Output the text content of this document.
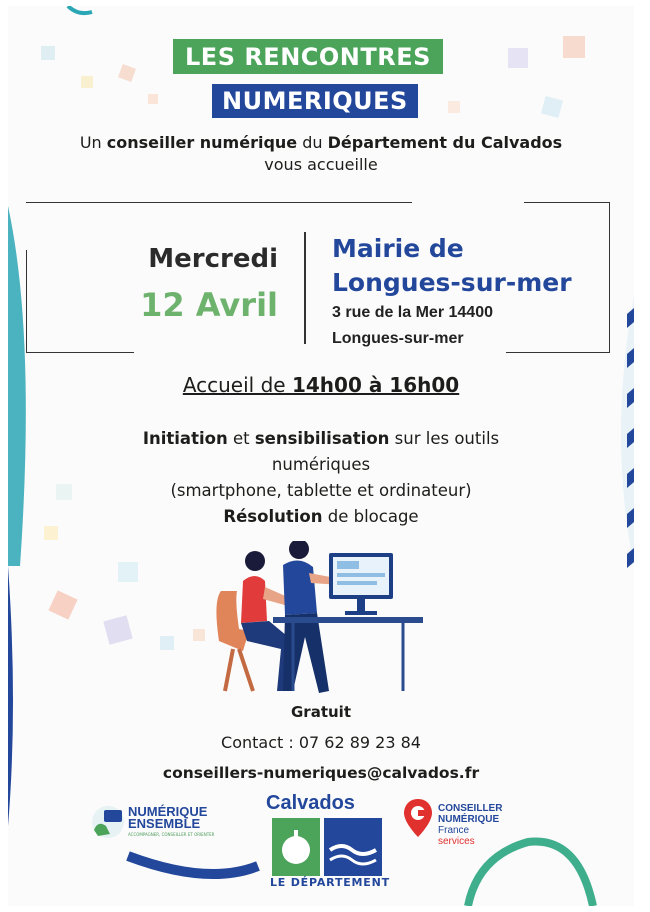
LES RENCONTRES
NUMERIQUES
Un conseiller numérique du Département du Calvados
vous accueille
Mercredi
12 Avril
Mairie de
Longues-sur-mer
3 rue de la Mer 14400
Longues-sur-mer
Accueil de 14h00 à 16h00
Initiation et sensibilisation sur les outils
numériques
(smartphone, tablette et ordinateur)
Résolution de blocage
Gratuit
Contact : 07 62 89 23 84
conseillers-numeriques@calvados.fr
NUMÉRIQUE
ENSEMBLE
ACCOMPAGNER, CONSEILLER ET ORIENTER
Calvados
LE DÉPARTEMENT
CONSEILLER
NUMÉRIQUE
France
services
